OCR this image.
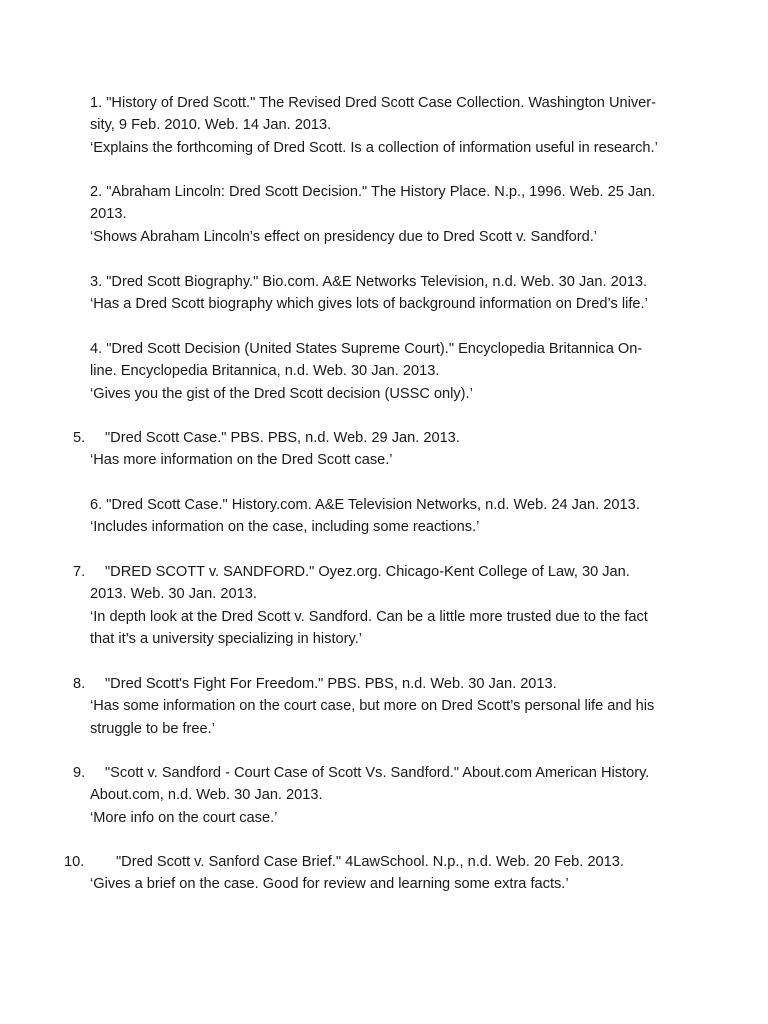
1. "History of Dred Scott." The Revised Dred Scott Case Collection. Washington Univer-
sity, 9 Feb. 2010. Web. 14 Jan. 2013.
‘Explains the forthcoming of Dred Scott. Is a collection of information useful in research.’
2. "Abraham Lincoln: Dred Scott Decision." The History Place. N.p., 1996. Web. 25 Jan.
2013.
‘Shows Abraham Lincoln’s effect on presidency due to Dred Scott v. Sandford.’
3. "Dred Scott Biography." Bio.com. A&E Networks Television, n.d. Web. 30 Jan. 2013.
‘Has a Dred Scott biography which gives lots of background information on Dred’s life.’
4. "Dred Scott Decision (United States Supreme Court)." Encyclopedia Britannica On-
line. Encyclopedia Britannica, n.d. Web. 30 Jan. 2013.
‘Gives you the gist of the Dred Scott decision (USSC only).’
5.	"Dred Scott Case." PBS. PBS, n.d. Web. 29 Jan. 2013.
‘Has more information on the Dred Scott case.’
6. "Dred Scott Case." History.com. A&E Television Networks, n.d. Web. 24 Jan. 2013.
‘Includes information on the case, including some reactions.’
7.	"DRED SCOTT v. SANDFORD." Oyez.org. Chicago-Kent College of Law, 30 Jan.
2013. Web. 30 Jan. 2013.
‘In depth look at the Dred Scott v. Sandford. Can be a little more trusted due to the fact
that it’s a university specializing in history.’
8.	"Dred Scott's Fight For Freedom." PBS. PBS, n.d. Web. 30 Jan. 2013.
‘Has some information on the court case, but more on Dred Scott’s personal life and his
struggle to be free.’
9.	"Scott v. Sandford - Court Case of Scott Vs. Sandford." About.com American History.
About.com, n.d. Web. 30 Jan. 2013.
‘More info on the court case.’
10.	"Dred Scott v. Sanford Case Brief." 4LawSchool. N.p., n.d. Web. 20 Feb. 2013.
‘Gives a brief on the case. Good for review and learning some extra facts.’
